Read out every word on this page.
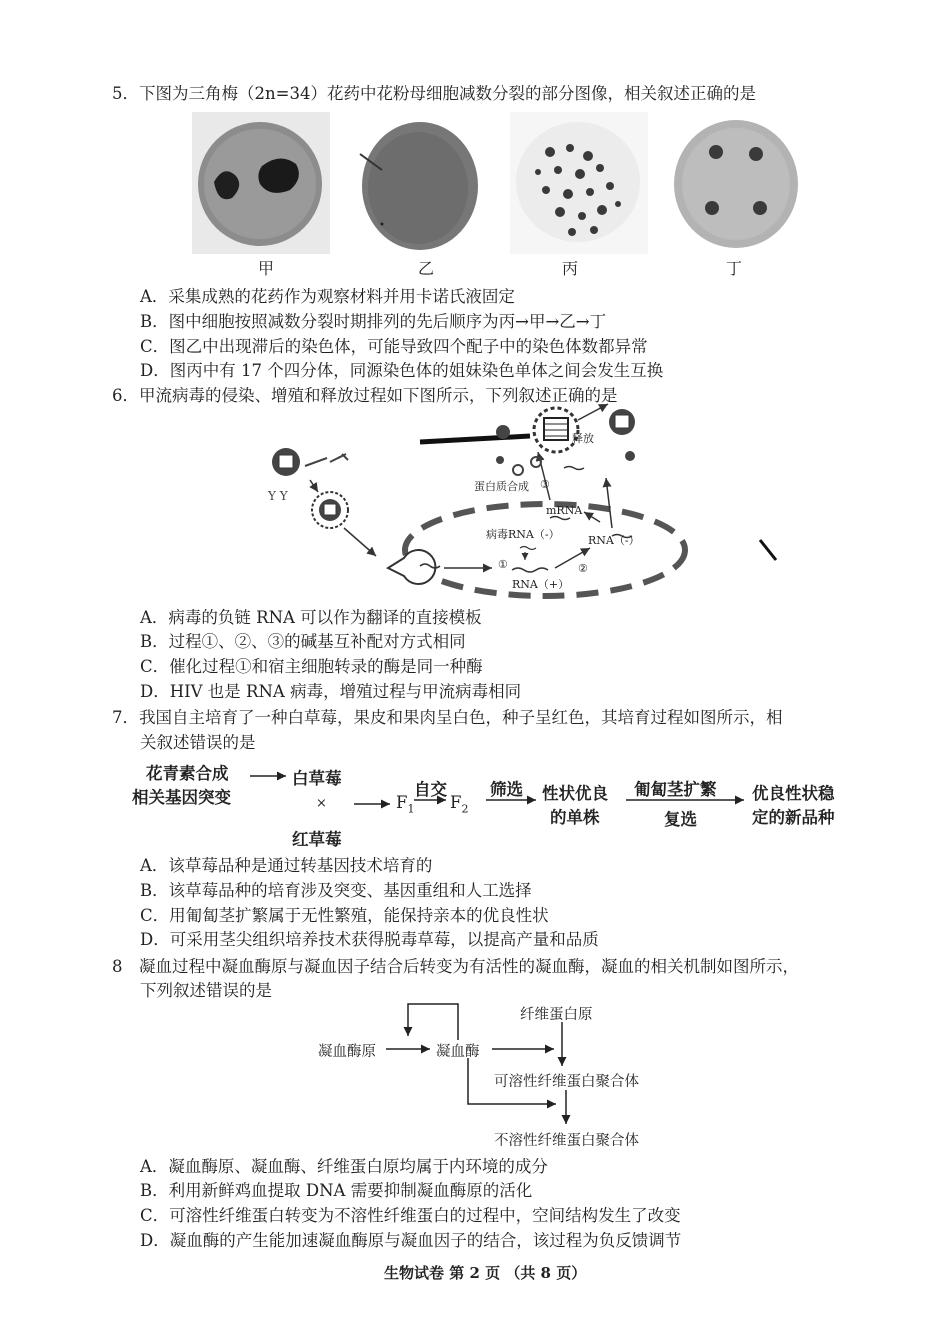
5．下图为三角梅（2n=34）花药中花粉母细胞减数分裂的部分图像，相关叙述正确的是
甲	乙	丙	丁
A．采集成熟的花药作为观察材料并用卡诺氏液固定
B．图中细胞按照减数分裂时期排列的先后顺序为丙→甲→乙→丁
C．图乙中出现滞后的染色体，可能导致四个配子中的染色体数都异常
D．图丙中有 17 个四分体，同源染色体的姐妹染色单体之间会发生互换
6．甲流病毒的侵染、增殖和释放过程如下图所示，下列叙述正确的是
Y Y
释放
蛋白质合成 ③
mRNA
病毒RNA（-）	RNA（-）
①
RNA（+）
②
A．病毒的负链 RNA 可以作为翻译的直接模板
B．过程①、②、③的碱基互补配对方式相同
C．催化过程①和宿主细胞转录的酶是同一种酶
D．HIV 也是 RNA 病毒，增殖过程与甲流病毒相同
7．我国自主培育了一种白草莓，果皮和果肉呈白色，种子呈红色，其培育过程如图所示，相
关叙述错误的是
花青素合成
相关基因突变
白草莓
×
红草莓
$F_1$
自交
$F_2$
筛选 性状优良
的单株
匍匐茎扩繁
复选
优良性状稳
定的新品种
A．该草莓品种是通过转基因技术培育的
B．该草莓品种的培育涉及突变、基因重组和人工选择
C．用匍匐茎扩繁属于无性繁殖，能保持亲本的优良性状
D．可采用茎尖组织培养技术获得脱毒草莓，以提高产量和品质
8　凝血过程中凝血酶原与凝血因子结合后转变为有活性的凝血酶，凝血的相关机制如图所示，
下列叙述错误的是
凝血酶原	凝血酶
纤维蛋白原
可溶性纤维蛋白聚合体
不溶性纤维蛋白聚合体
A．凝血酶原、凝血酶、纤维蛋白原均属于内环境的成分
B．利用新鲜鸡血提取 DNA 需要抑制凝血酶原的活化
C．可溶性纤维蛋白转变为不溶性纤维蛋白的过程中，空间结构发生了改变
D．凝血酶的产生能加速凝血酶原与凝血因子的结合，该过程为负反馈调节
生物试卷 第 2 页 （共 8 页）
